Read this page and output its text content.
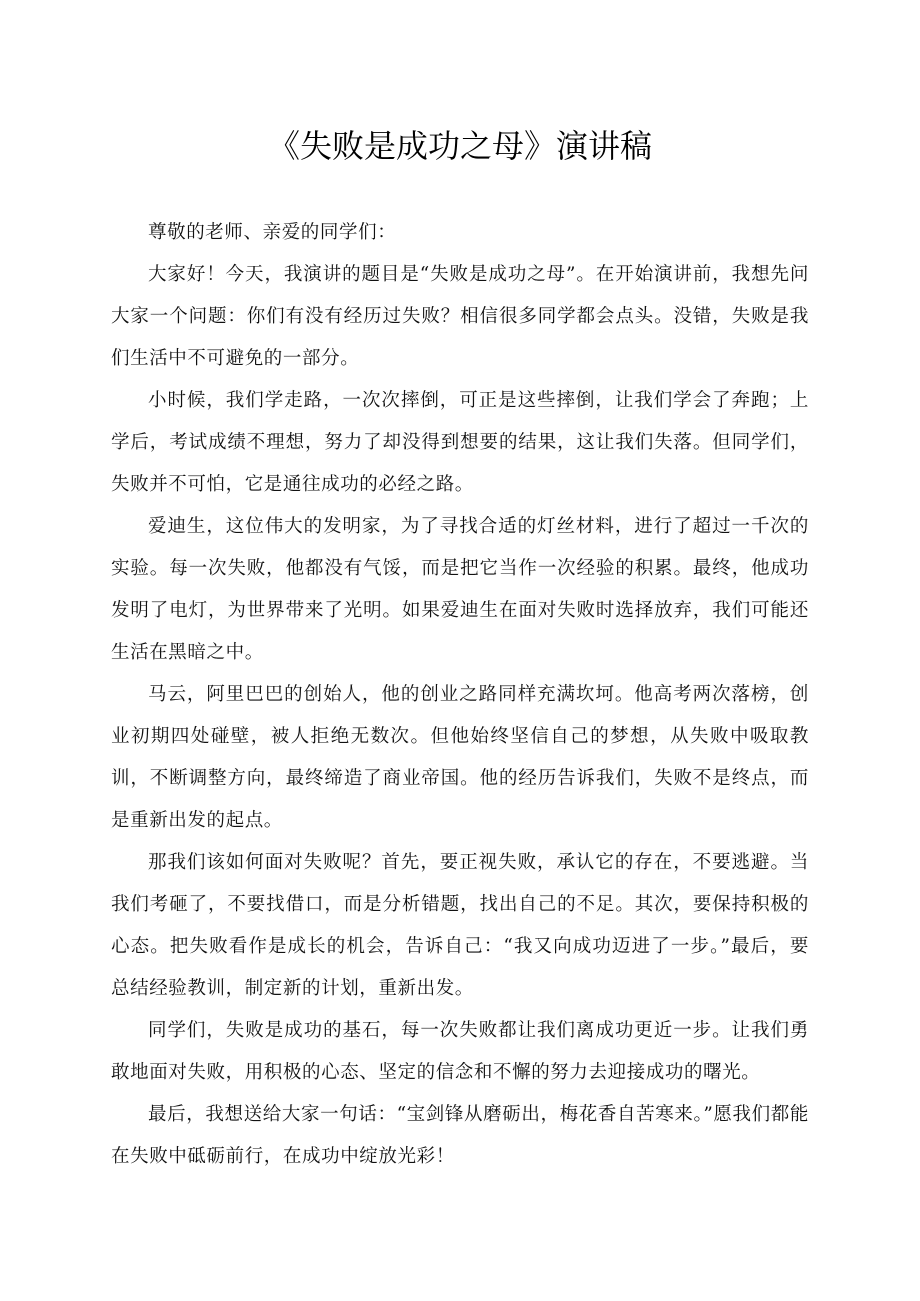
《失败是成功之母》演讲稿

尊敬的老师、亲爱的同学们：

大家好！今天，我演讲的题目是“失败是成功之母”。在开始演讲前，我想先问大家一个问题：你们有没有经历过失败？相信很多同学都会点头。没错，失败是我们生活中不可避免的一部分。

小时候，我们学走路，一次次摔倒，可正是这些摔倒，让我们学会了奔跑；上学后，考试成绩不理想，努力了却没得到想要的结果，这让我们失落。但同学们，失败并不可怕，它是通往成功的必经之路。

爱迪生，这位伟大的发明家，为了寻找合适的灯丝材料，进行了超过一千次的实验。每一次失败，他都没有气馁，而是把它当作一次经验的积累。最终，他成功发明了电灯，为世界带来了光明。如果爱迪生在面对失败时选择放弃，我们可能还生活在黑暗之中。

马云，阿里巴巴的创始人，他的创业之路同样充满坎坷。他高考两次落榜，创业初期四处碰壁，被人拒绝无数次。但他始终坚信自己的梦想，从失败中吸取教训，不断调整方向，最终缔造了商业帝国。他的经历告诉我们，失败不是终点，而是重新出发的起点。

那我们该如何面对失败呢？首先，要正视失败，承认它的存在，不要逃避。当我们考砸了，不要找借口，而是分析错题，找出自己的不足。其次，要保持积极的心态。把失败看作是成长的机会，告诉自己：“我又向成功迈进了一步。”最后，要总结经验教训，制定新的计划，重新出发。

同学们，失败是成功的基石，每一次失败都让我们离成功更近一步。让我们勇敢地面对失败，用积极的心态、坚定的信念和不懈的努力去迎接成功的曙光。

最后，我想送给大家一句话：“宝剑锋从磨砺出，梅花香自苦寒来。”愿我们都能在失败中砥砺前行，在成功中绽放光彩！
